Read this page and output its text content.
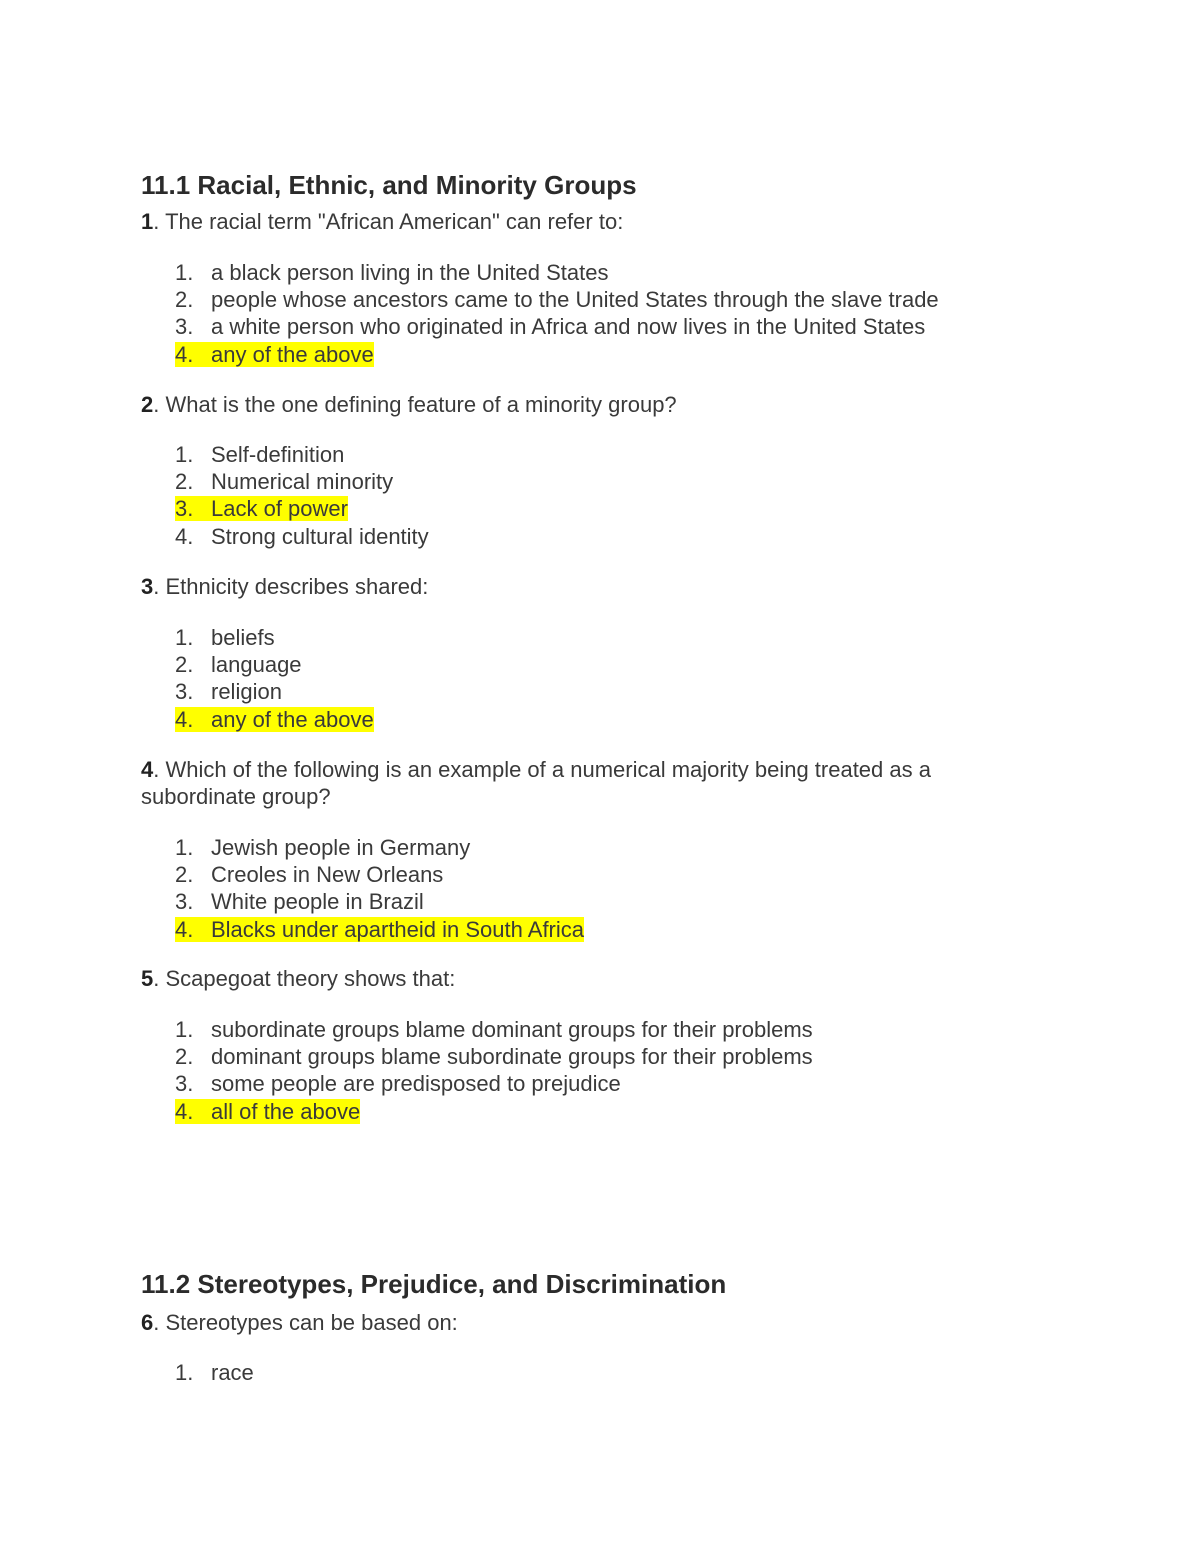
11.1 Racial, Ethnic, and Minority Groups
1. The racial term "African American" can refer to:
1. a black person living in the United States
2. people whose ancestors came to the United States through the slave trade
3. a white person who originated in Africa and now lives in the United States
4. any of the above
2. What is the one defining feature of a minority group?
1. Self-definition
2. Numerical minority
3. Lack of power
4. Strong cultural identity
3. Ethnicity describes shared:
1. beliefs
2. language
3. religion
4. any of the above
4. Which of the following is an example of a numerical majority being treated as a subordinate group?
1. Jewish people in Germany
2. Creoles in New Orleans
3. White people in Brazil
4. Blacks under apartheid in South Africa
5. Scapegoat theory shows that:
1. subordinate groups blame dominant groups for their problems
2. dominant groups blame subordinate groups for their problems
3. some people are predisposed to prejudice
4. all of the above
11.2 Stereotypes, Prejudice, and Discrimination
6. Stereotypes can be based on:
1. race
